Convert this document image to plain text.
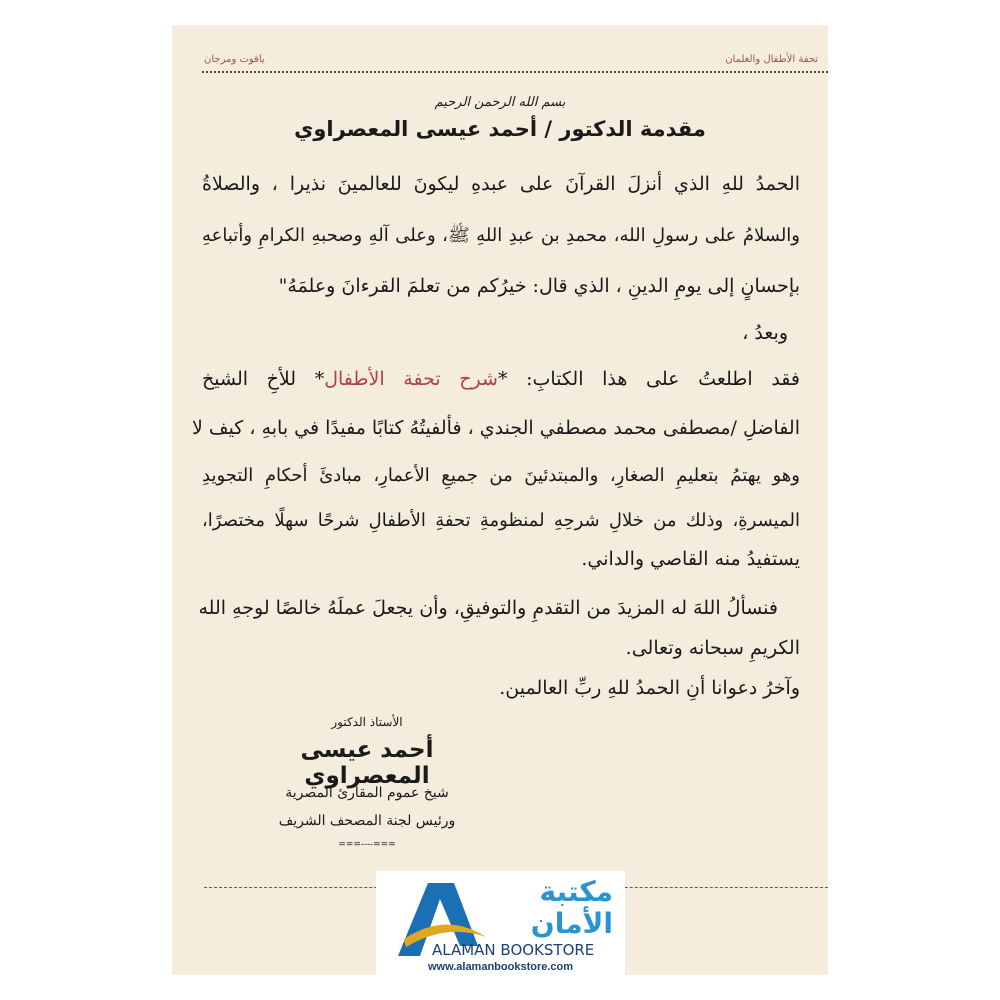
تحفة الأطفال والغلمان
ياقوت ومرجان
بسم الله الرحمن الرحيم
مقدمة الدكتور / أحمد عيسى المعصراوي
الحمدُ للهِ الذي أنزلَ القرآنَ على عبدهِ ليكونَ للعالمينَ نذيرا ، والصلاةُ
والسلامُ على رسولِ الله، محمدِ بن عبدِ اللهِ ﷺ، وعلى آلهِ وصحبهِ الكرامِ وأتباعهِ
بإحسانٍ إلى يومِ الدينِ ، الذي قال: خيرُكم من تعلمَ القرءانَ وعلمَهُ"
وبعدُ ،
فقد اطلعتُ على هذا الكتابِ: *شرح تحفة الأطفال* للأخِ الشيخ
الفاضلِ /مصطفى محمد مصطفي الجندي ، فألفيتُهُ كتابًا مفيدًا في بابهِ ، كيف لا
وهو يهتمُ بتعليمِ الصغارِ، والمبتدئينَ من جميعِ الأعمارِ، مبادئَ أحكامِ التجويدِ
الميسرةِ، وذلك من خلالِ شرحِهِ لمنظومةِ تحفةِ الأطفالِ شرحًا سهلًا مختصرًا،
يستفيدُ منه القاصي والداني.
فنسألُ اللهَ له المزيدَ من التقدمِ والتوفيقِ، وأن يجعلَ عملَهُ خالصًا لوجهِ الله
الكريمِ سبحانه وتعالى.
وآخرُ دعوانا أنِ الحمدُ للهِ ربِّ العالمين.
الأستاذ الدكتور
أحمد عيسى المعصراوي
شيخ عموم المقارئ المصرية
ورئيس لجنة المصحف الشريف
===----===
مكتبة
الأمان
ALAMAN BOOKSTORE
www.alamanbookstore.com
